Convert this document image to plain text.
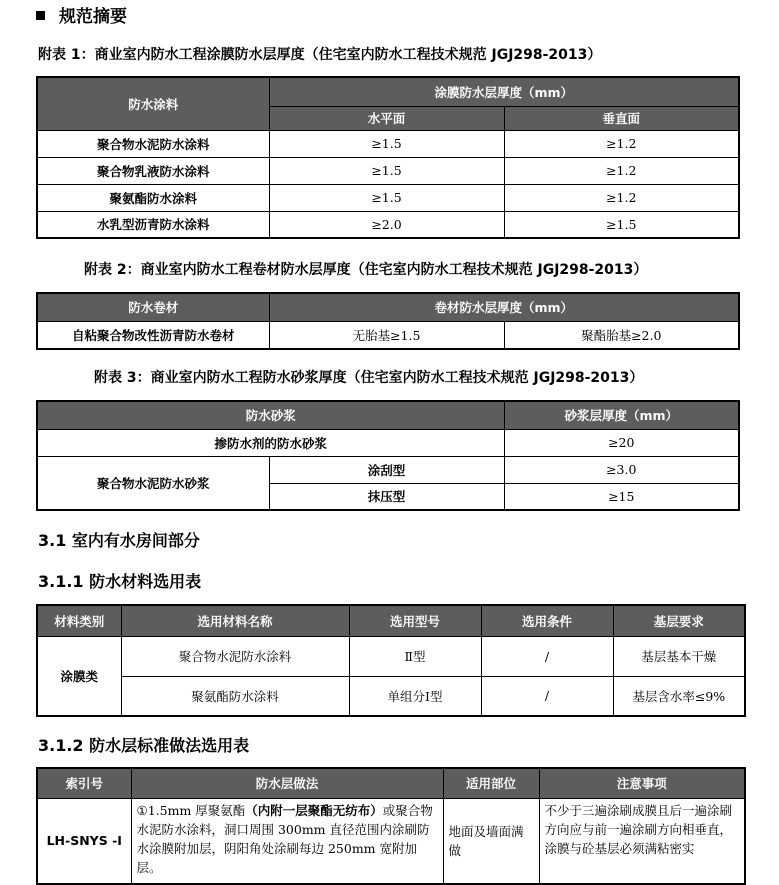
规范摘要
附表 1：商业室内防水工程涂膜防水层厚度（住宅室内防水工程技术规范 JGJ298-2013）
防水涂料	涂膜防水层厚度（mm）	
	水平面	垂直面
聚合物水泥防水涂料	≥1.5	≥1.2
聚合物乳液防水涂料	≥1.5	≥1.2
聚氨酯防水涂料	≥1.5	≥1.2
水乳型沥青防水涂料	≥2.0	≥1.5
附表 2：商业室内防水工程卷材防水层厚度（住宅室内防水工程技术规范 JGJ298-2013）
防水卷材	卷材防水层厚度（mm）	
自粘聚合物改性沥青防水卷材	无胎基≥1.5	聚酯胎基≥2.0
附表 3：商业室内防水工程防水砂浆厚度（住宅室内防水工程技术规范 JGJ298-2013）
防水砂浆		砂浆层厚度（mm）
掺防水剂的防水砂浆		≥20
聚合物水泥防水砂浆	涂刮型	≥3.0
	抹压型	≥15
3.1 室内有水房间部分
3.1.1 防水材料选用表
材料类别	选用材料名称	选用型号	选用条件	基层要求
涂膜类	聚合物水泥防水涂料	Ⅱ型	/	基层基本干燥
	聚氨酯防水涂料	单组分Ⅰ型	/	基层含水率≤9%
3.1.2 防水层标准做法选用表
索引号	防水层做法	适用部位	注意事项
LH-SNYS -Ⅰ	①1.5mm 厚聚氨酯（内附一层聚酯无纺布）或聚合物水泥防水涂料，洞口周围 300mm 直径范围内涂刷防水涂膜附加层，阴阳角处涂刷每边 250mm 宽附加层。	地面及墙面满做	不少于三遍涂刷成膜且后一遍涂刷方向应与前一遍涂刷方向相垂直，涂膜与砼基层必须满粘密实
